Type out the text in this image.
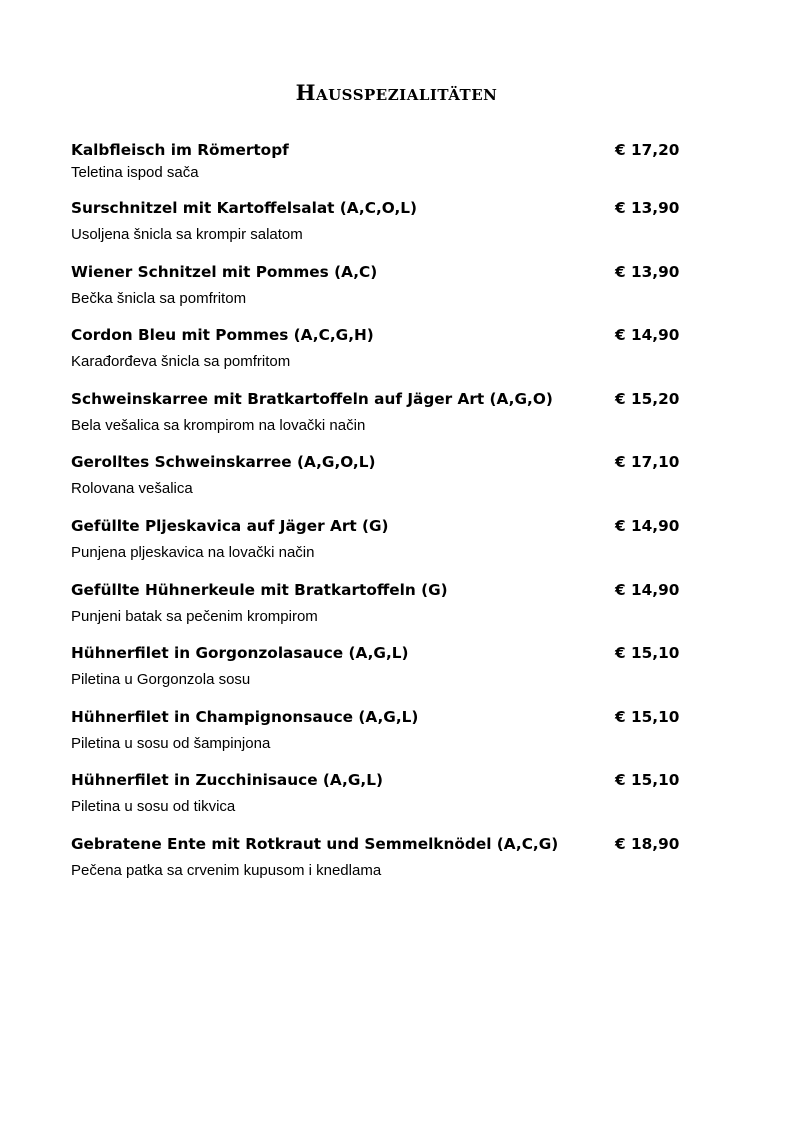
Hausspezialitäten
Kalbfleisch im Römertopf	€ 17,20
Teletina ispod sača
Surschnitzel mit Kartoffelsalat (A,C,O,L)	€ 13,90
Usoljena šnicla sa krompir salatom
Wiener Schnitzel mit Pommes (A,C)	€ 13,90
Bečka šnicla sa pomfritom
Cordon Bleu mit Pommes (A,C,G,H)	€ 14,90
Karađorđeva šnicla sa pomfritom
Schweinskarree mit Bratkartoffeln auf Jäger Art (A,G,O)	€ 15,20
Bela vešalica sa krompirom na lovački način
Gerolltes Schweinskarree (A,G,O,L)	€ 17,10
Rolovana vešalica
Gefüllte Pljeskavica auf Jäger Art (G)	€ 14,90
Punjena pljeskavica na lovački način
Gefüllte Hühnerkeule mit Bratkartoffeln (G)	€ 14,90
Punjeni batak sa pečenim krompirom
Hühnerfilet in Gorgonzolasauce (A,G,L)	€ 15,10
Piletina u Gorgonzola sosu
Hühnerfilet in Champignonsauce (A,G,L)	€ 15,10
Piletina u sosu od šampinjona
Hühnerfilet in Zucchinisauce (A,G,L)	€ 15,10
Piletina u sosu od tikvica
Gebratene Ente mit Rotkraut und Semmelknödel (A,C,G)	€ 18,90
Pečena patka sa crvenim kupusom i knedlama
